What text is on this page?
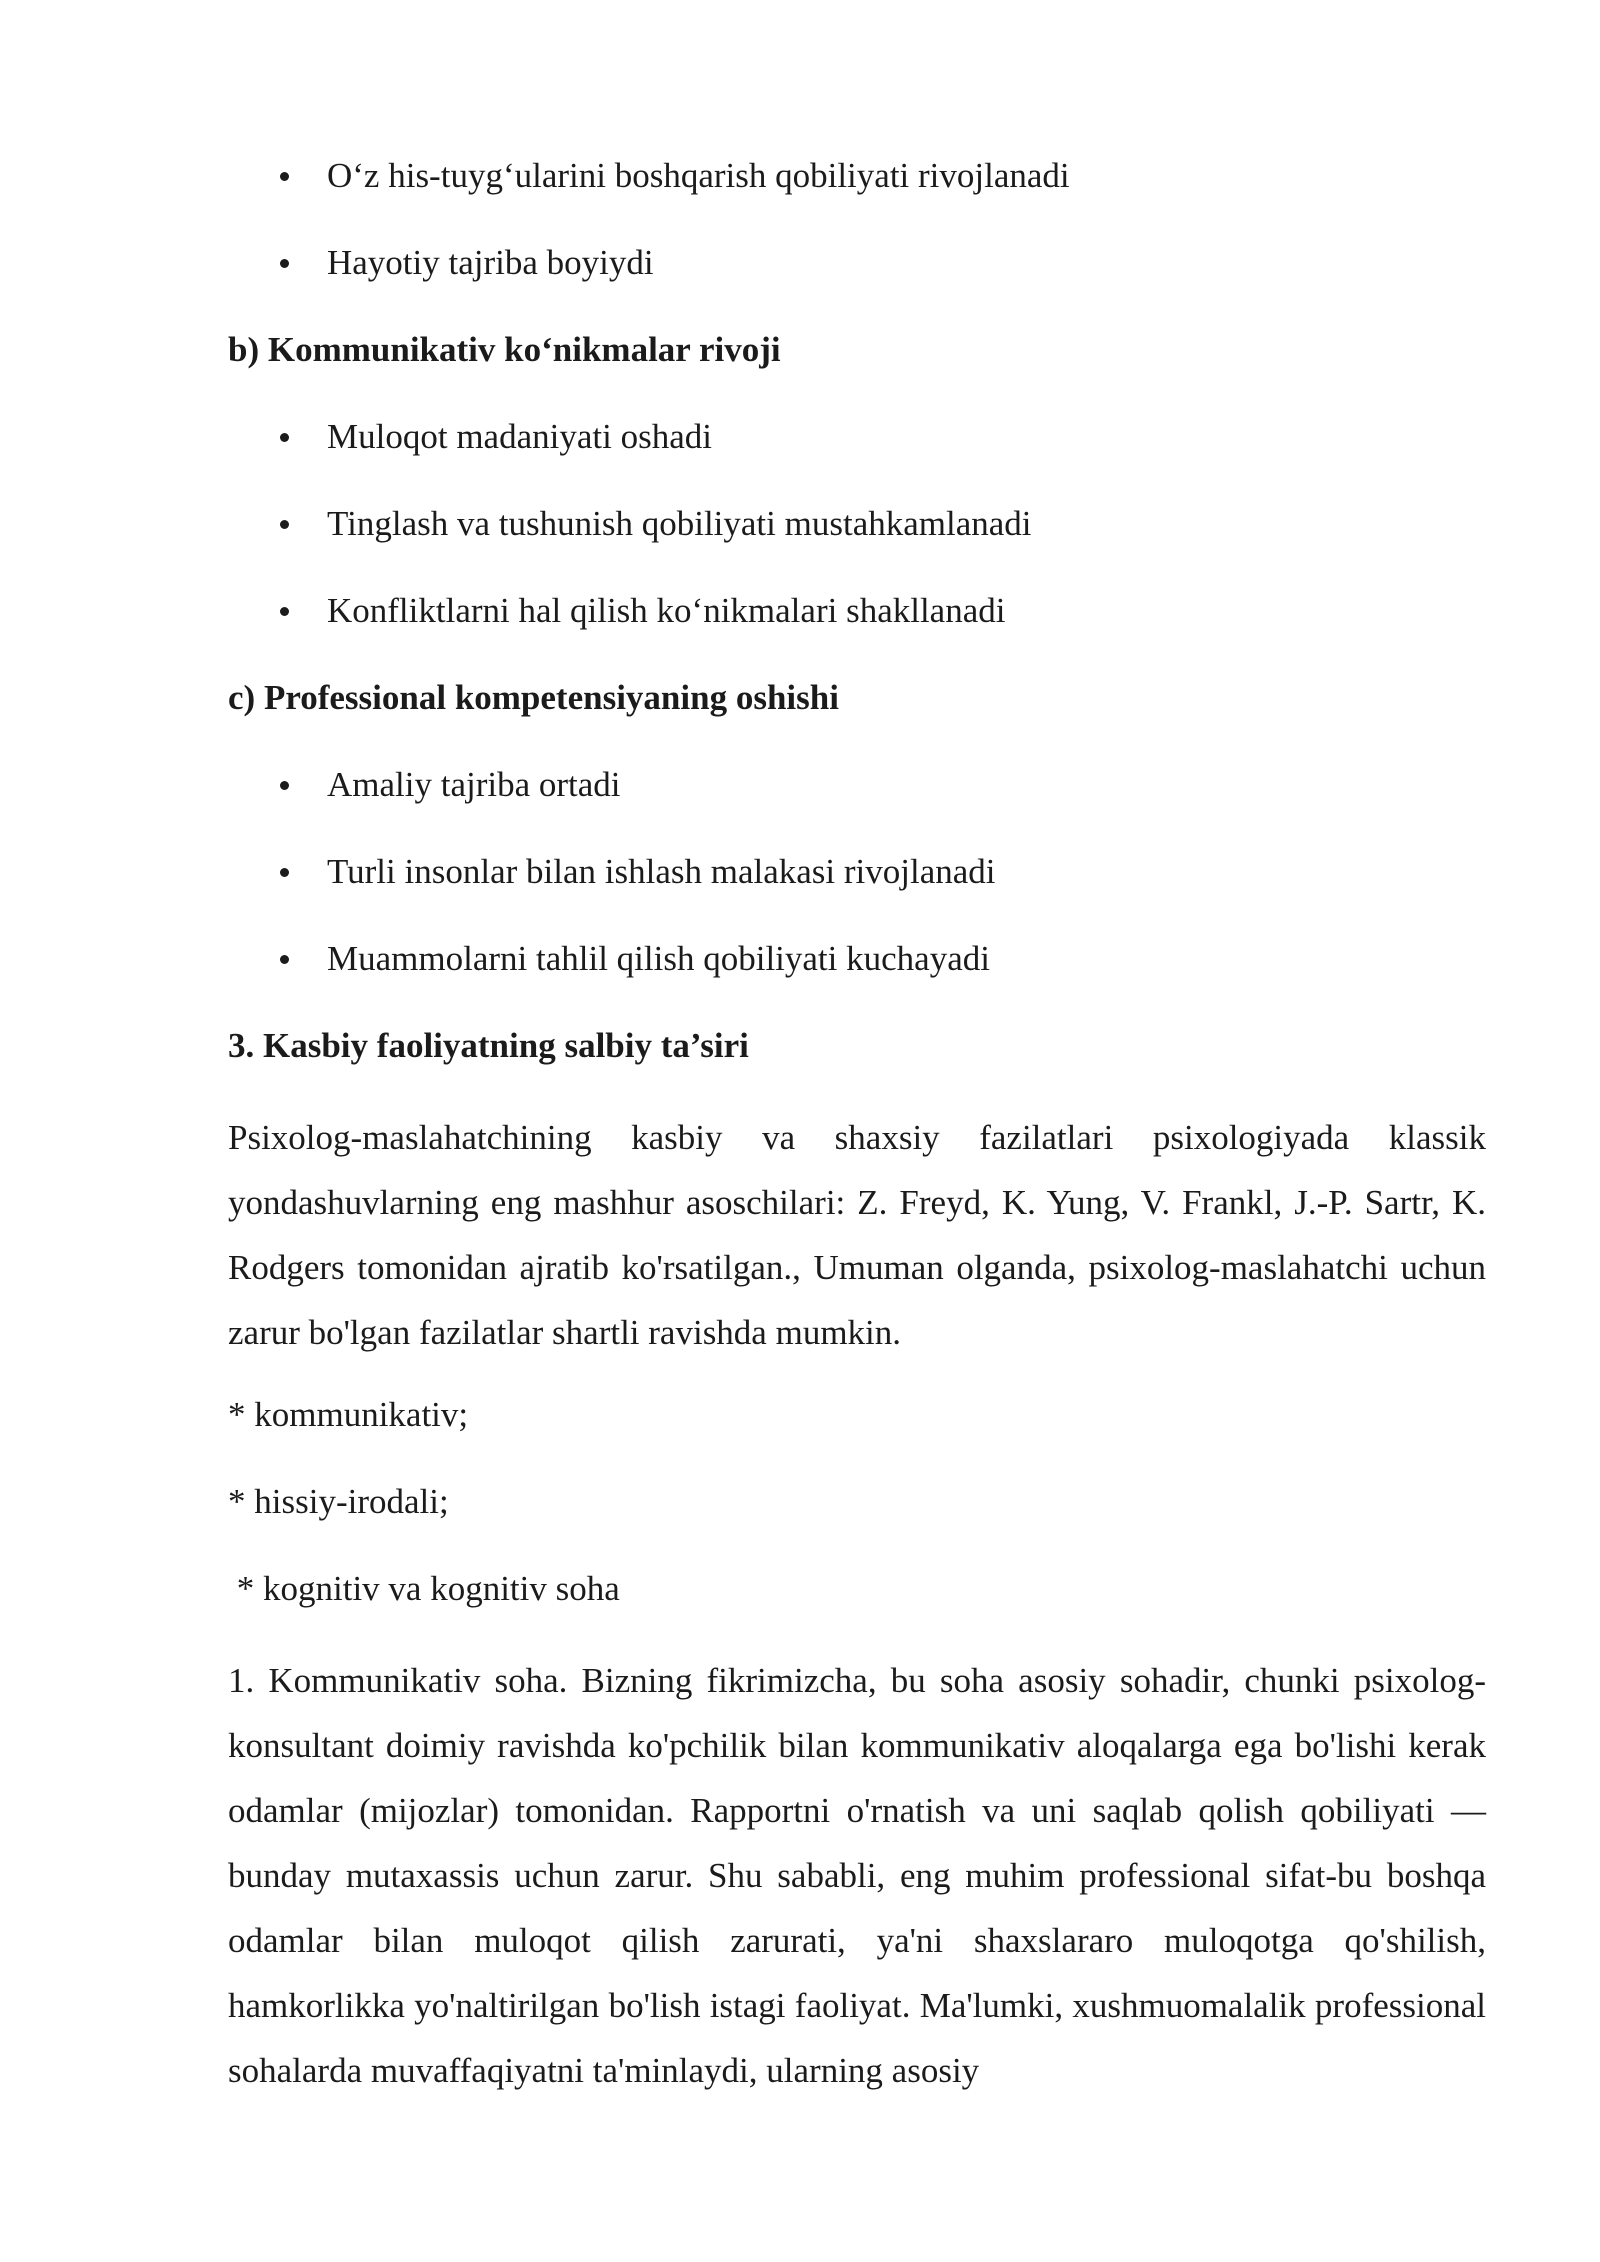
O‘z his-tuyg‘ularini boshqarish qobiliyati rivojlanadi
Hayotiy tajriba boyiydi
b) Kommunikativ ko‘nikmalar rivoji
Muloqot madaniyati oshadi
Tinglash va tushunish qobiliyati mustahkamlanadi
Konfliktlarni hal qilish ko‘nikmalari shakllanadi
c) Professional kompetensiyaning oshishi
Amaliy tajriba ortadi
Turli insonlar bilan ishlash malakasi rivojlanadi
Muammolarni tahlil qilish qobiliyati kuchayadi
3. Kasbiy faoliyatning salbiy ta’siri

Psixolog-maslahatchining kasbiy va shaxsiy fazilatlari psixologiyada klassik yondashuvlarning eng mashhur asoschilari: Z. Freyd, K. Yung, V. Frankl, J.-P. Sartr, K. Rodgers tomonidan ajratib ko'rsatilgan., Umuman olganda, psixolog-maslahatchi uchun zarur bo'lgan fazilatlar shartli ravishda mumkin.

* kommunikativ;
* hissiy-irodali;
* kognitiv va kognitiv soha

1. Kommunikativ soha. Bizning fikrimizcha, bu soha asosiy sohadir, chunki psixolog-konsultant doimiy ravishda ko'pchilik bilan kommunikativ aloqalarga ega bo'lishi kerak odamlar (mijozlar) tomonidan. Rapportni o'rnatish va uni saqlab qolish qobiliyati —bunday mutaxassis uchun zarur. Shu sababli, eng muhim professional sifat-bu boshqa odamlar bilan muloqot qilish zarurati, ya'ni shaxslararo muloqotga qo'shilish, hamkorlikka yo'naltirilgan bo'lish istagi faoliyat. Ma'lumki, xushmuomalalik professional sohalarda muvaffaqiyatni ta'minlaydi, ularning asosiy
